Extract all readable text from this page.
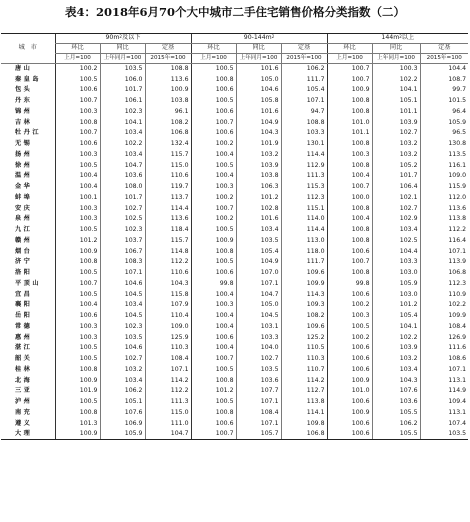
表4：2018年6月70个大中城市二手住宅销售价格分类指数（二）
城市	$90m^2$及以下			$90-144m^2$			$144m^2$以上		
	环比	同比	定基	环比	同比	定基	环比	同比	定基
	上月=100	上年同月=100	2015年=100	上月=100	上年同月=100	2015年=100	上月=100	上年同月=100	2015年=100
唐山	100.2	103.5	108.8	100.5	101.6	106.2	100.7	100.3	104.4
秦皇岛	100.5	106.0	113.6	100.8	105.0	111.7	100.7	102.2	108.7
包头	100.6	101.7	100.9	100.6	104.6	105.4	100.9	104.1	99.7
丹东	100.7	106.1	103.8	100.5	105.8	107.1	100.8	105.1	101.5
锦州	100.3	102.3	96.1	100.6	101.6	94.7	100.8	101.1	96.4
吉林	100.8	104.1	108.2	100.7	104.9	108.8	101.0	103.9	105.9
牡丹江	100.7	103.4	106.8	100.6	104.3	103.3	101.1	102.7	96.5
无锡	100.6	102.2	132.4	100.2	101.9	130.1	100.8	103.2	130.8
扬州	100.3	103.4	115.7	100.4	103.2	114.4	100.3	103.2	113.5
徐州	100.5	104.7	115.0	100.5	103.9	112.9	100.8	105.2	116.1
温州	100.4	103.6	110.6	100.4	103.8	111.3	100.4	101.7	109.0
金华	100.4	108.0	119.7	100.3	106.3	115.3	100.7	106.4	115.9
蚌埠	100.1	101.7	113.7	100.2	101.2	112.3	100.0	102.1	112.0
安庆	100.3	102.7	114.4	100.7	102.8	115.1	100.8	102.7	113.6
泉州	100.3	102.5	113.6	100.2	101.6	114.0	100.4	102.9	113.8
九江	100.5	102.3	118.4	100.5	103.4	114.4	100.8	103.4	112.2
赣州	101.2	103.7	115.7	100.9	103.5	113.0	100.8	102.5	116.4
烟台	100.9	106.7	114.8	100.8	105.4	118.0	100.6	104.4	107.1
济宁	100.8	108.3	112.2	100.5	104.9	111.7	100.7	103.3	113.9
洛阳	100.5	107.1	110.6	100.6	107.0	109.6	100.8	103.0	106.8
平顶山	100.7	104.6	104.3	99.8	107.1	109.9	99.8	105.9	112.3
宜昌	100.5	104.5	115.8	100.4	104.7	114.3	100.6	103.0	110.9
襄阳	100.4	103.4	107.9	100.3	105.0	109.3	100.2	101.2	102.2
岳阳	100.6	104.5	110.4	100.4	104.5	108.2	100.3	105.4	109.9
常德	100.3	102.3	109.0	100.4	103.1	109.6	100.5	104.1	108.4
惠州	100.3	103.5	125.9	100.6	103.3	125.2	100.2	102.2	126.9
湛江	100.5	104.6	110.3	100.4	104.0	110.5	100.6	103.9	111.6
韶关	100.5	102.7	108.4	100.7	102.7	110.3	100.6	103.2	108.6
桂林	100.8	103.2	107.1	100.5	103.5	110.7	100.6	103.4	107.1
北海	100.9	103.4	114.2	100.8	103.6	114.2	100.9	104.3	113.1
三亚	101.9	106.2	112.2	101.2	107.7	112.7	101.0	107.6	114.9
泸州	100.5	105.1	111.3	100.5	107.1	113.8	100.6	103.6	109.4
南充	100.8	107.6	115.0	100.8	108.4	114.1	100.9	105.5	113.1
遵义	101.3	106.9	111.0	100.6	107.1	109.8	100.6	106.2	107.4
大理	100.9	105.9	104.7	100.7	105.7	106.8	100.6	105.5	103.5
